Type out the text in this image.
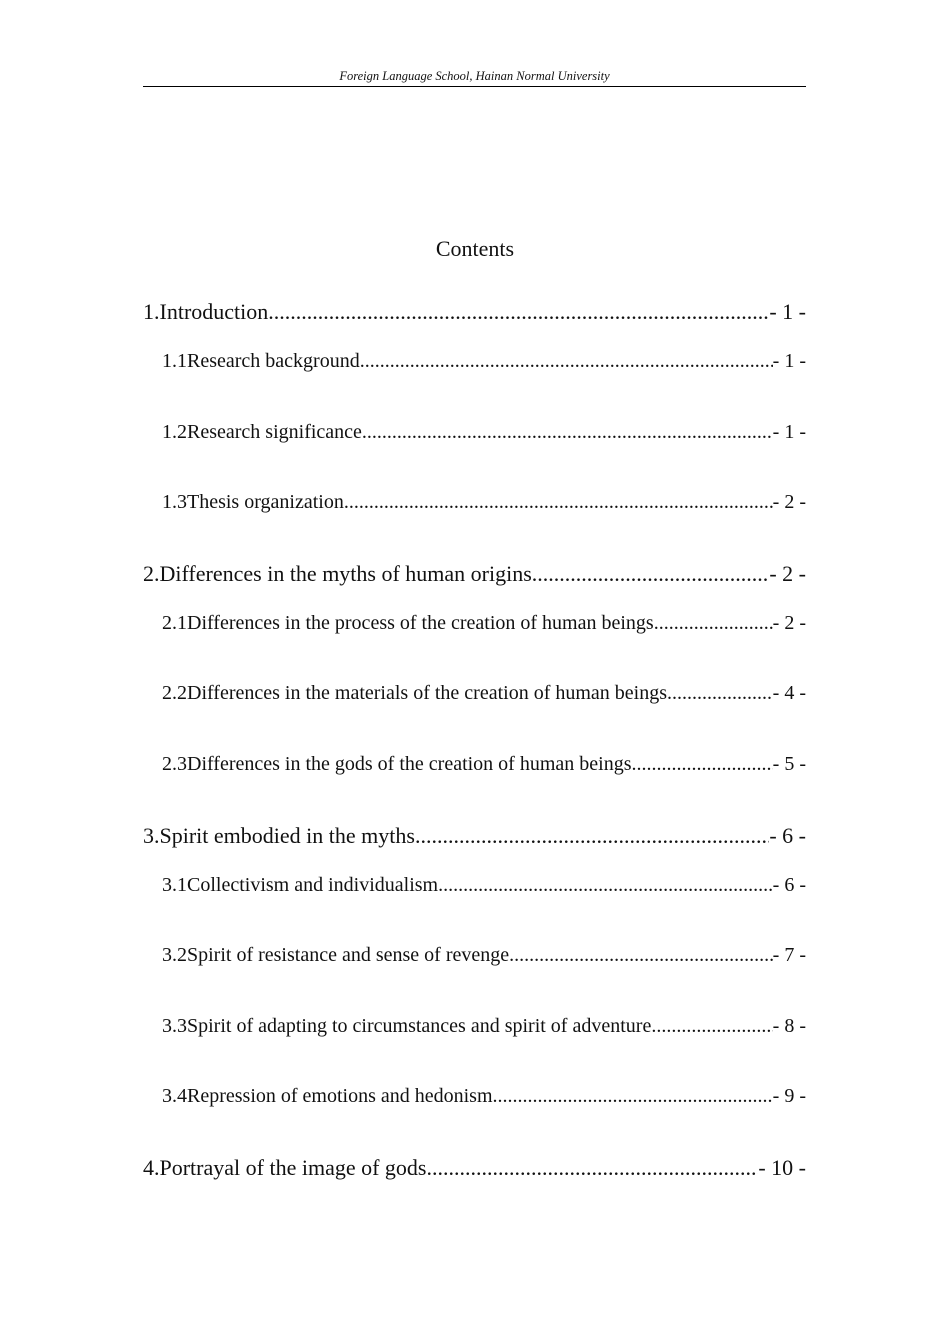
Foreign Language School, Hainan Normal University
Contents
1. Introduction .....	- 1 -
1.1 Research background .....	- 1 -
1.2 Research significance .....	- 1 -
1.3 Thesis organization .....	- 2 -
2. Differences in the myths of human origins .....	- 2 -
2.1 Differences in the process of the creation of human beings .....	- 2 -
2.2 Differences in the materials of the creation of human beings .....	- 4 -
2.3 Differences in the gods of the creation of human beings .....	- 5 -
3. Spirit embodied in the myths .....	- 6 -
3.1 Collectivism and individualism .....	- 6 -
3.2 Spirit of resistance and sense of revenge .....	- 7 -
3.3 Spirit of adapting to circumstances and spirit of adventure .....	- 8 -
3.4 Repression of emotions and hedonism .....	- 9 -
4. Portrayal of the image of gods .....	- 10 -
